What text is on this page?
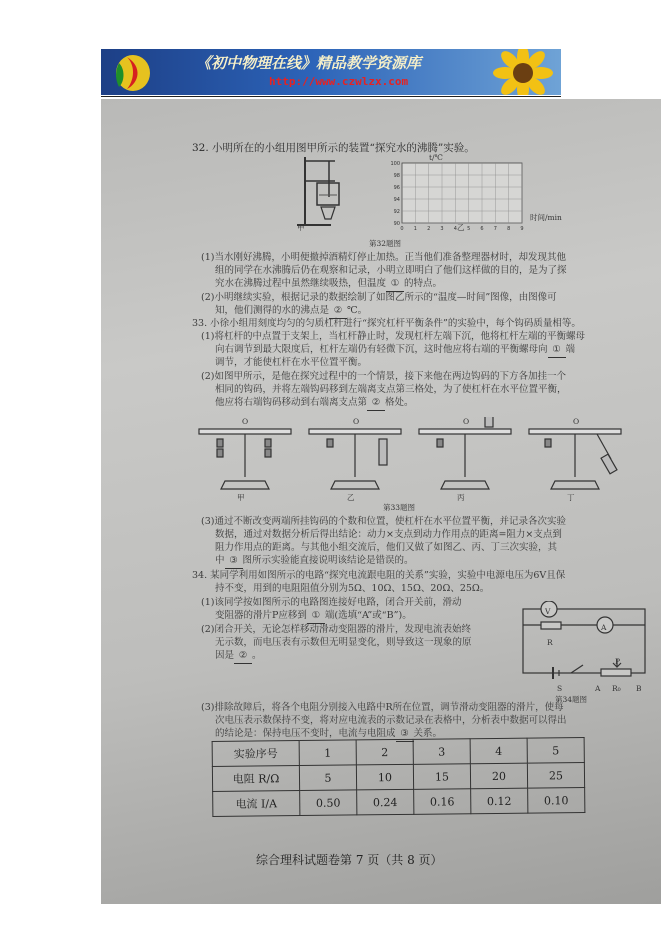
《初中物理在线》精品教学资源库
http://www.czwlzx.com
32. 小明所在的小组用图甲所示的装置“探究水的沸腾”实验。
甲
100
98
96
94
92
90
0 1 2 3 4 5 6 7 8 9
t/℃
时间/min
乙
第32题图
(1)当水刚好沸腾，小明便撤掉酒精灯停止加热。正当他们准备整理器材时，却发现其他
组的同学在水沸腾后仍在观察和记录，小明立即明白了他们这样做的目的，是为了探
究水在沸腾过程中虽然继续吸热，但温度 ① 的特点。
(2)小明继续实验，根据记录的数据绘制了如图乙所示的“温度—时间”图像，由图像可
知，他们测得的水的沸点是 ② ℃。
33. 小徐小组用刻度均匀的匀质杠杆进行“探究杠杆平衡条件”的实验中，每个钩码质量相等。
(1)将杠杆的中点置于支架上，当杠杆静止时，发现杠杆左端下沉，他将杠杆左端的平衡螺母
向右调节到最大限度后，杠杆左端仍有轻微下沉，这时他应将右端的平衡螺母向 ① 端
调节，才能使杠杆在水平位置平衡。
(2)如图甲所示，是他在探究过程中的一个情景，接下来他在两边钩码的下方各加挂一个
相同的钩码，并将左端钩码移到左端离支点第三格处，为了使杠杆在水平位置平衡，
他应将右端钩码移动到右端离支点第 ② 格处。
O	O	O	O
甲	乙	丙	丁
第33题图
(3)通过不断改变两端所挂钩码的个数和位置，使杠杆在水平位置平衡，并记录各次实验
数据，通过对数据分析后得出结论：动力×支点到动力作用点的距离=阻力×支点到
阻力作用点的距离。与其他小组交流后，他们又做了如图乙、丙、丁三次实验，其
中 ③ 图所示实验能直接说明该结论是错误的。
34. 某同学利用如图所示的电路“探究电流跟电阻的关系”实验，实验中电源电压为6V且保
持不变，用到的电阻阻值分别为5Ω、10Ω、15Ω、20Ω、25Ω。
(1)该同学按如图所示的电路图连接好电路，闭合开关前，滑动
变阻器的滑片P应移到 ① 端(选填“A”或“B”)。
(2)闭合开关，无论怎样移动滑动变阻器的滑片，发现电流表始终
无示数，而电压表有示数但无明显变化，则导致这一现象的原
因是 ② 。
V
A
R
S
P
A R₀ B
第34题图
(3)排除故障后，将各个电阻分别接入电路中R所在位置，调节滑动变阻器的滑片，使每
次电压表示数保持不变，将对应电流表的示数记录在表格中，分析表中数据可以得出
的结论是：保持电压不变时，电流与电阻成 ③ 关系。
实验序号	1	2	3	4	5
电阻 R/Ω	5	10	15	20	25
电流 I/A	0.50	0.24	0.16	0.12	0.10
综合理科试题卷第 7 页（共 8 页）
